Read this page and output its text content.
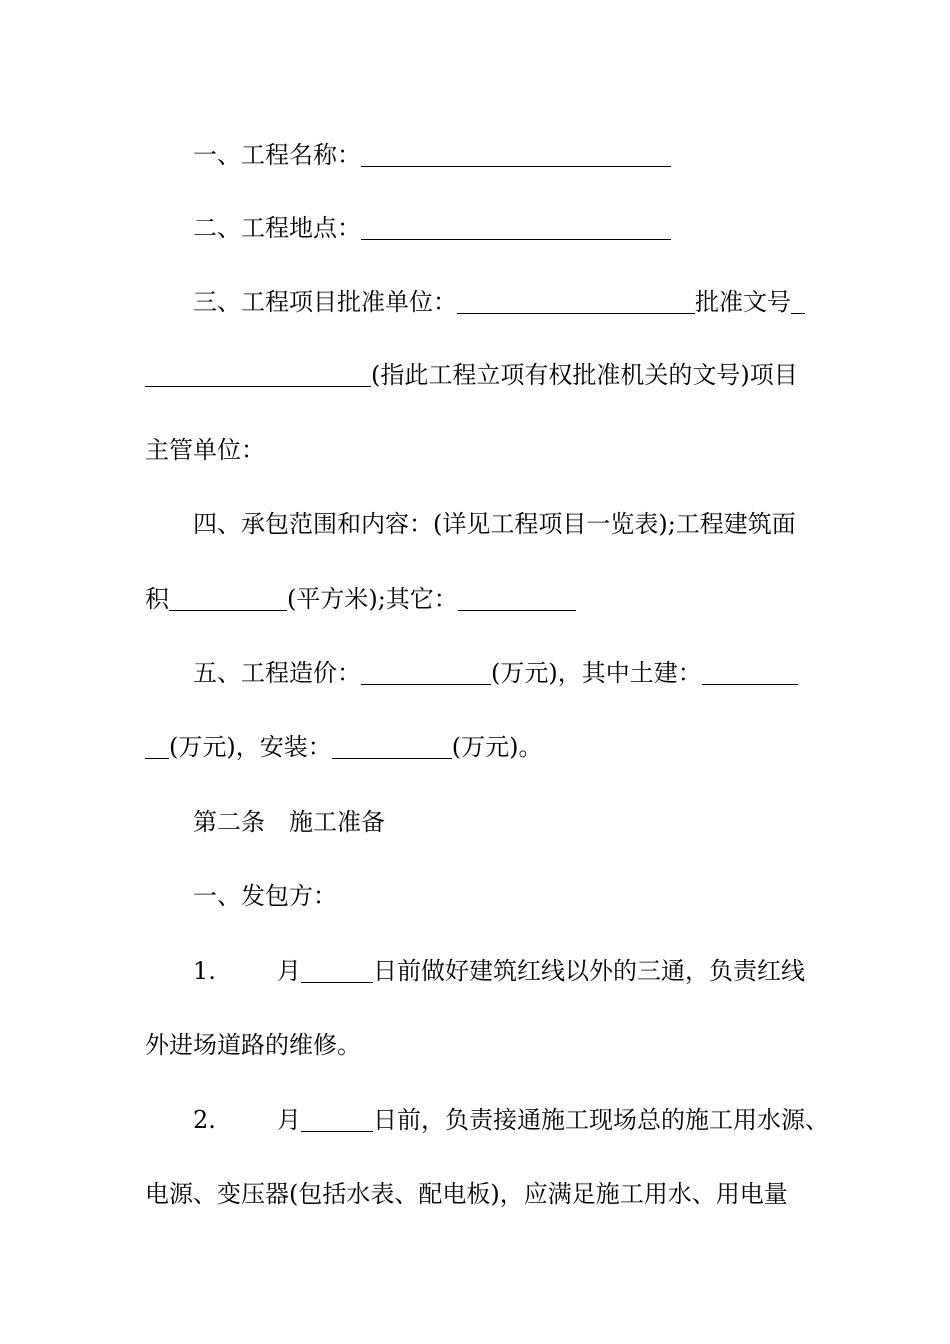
一、工程名称：
二、工程地点：
三、工程项目批准单位：	批准文号
(指此工程立项有权批准机关的文号)项目
主管单位：
四、承包范围和内容：(详见工程项目一览表);工程建筑面
积	(平方米);其它：
五、工程造价：	(万元)，其中土建：
(万元)，安装：	(万元)。
第二条　施工准备
一、发包方：
1.	月	日前做好建筑红线以外的三通，负责红线
外进场道路的维修。
2.	月	日前，负责接通施工现场总的施工用水源、
电源、变压器(包括水表、配电板)，应满足施工用水、用电量
